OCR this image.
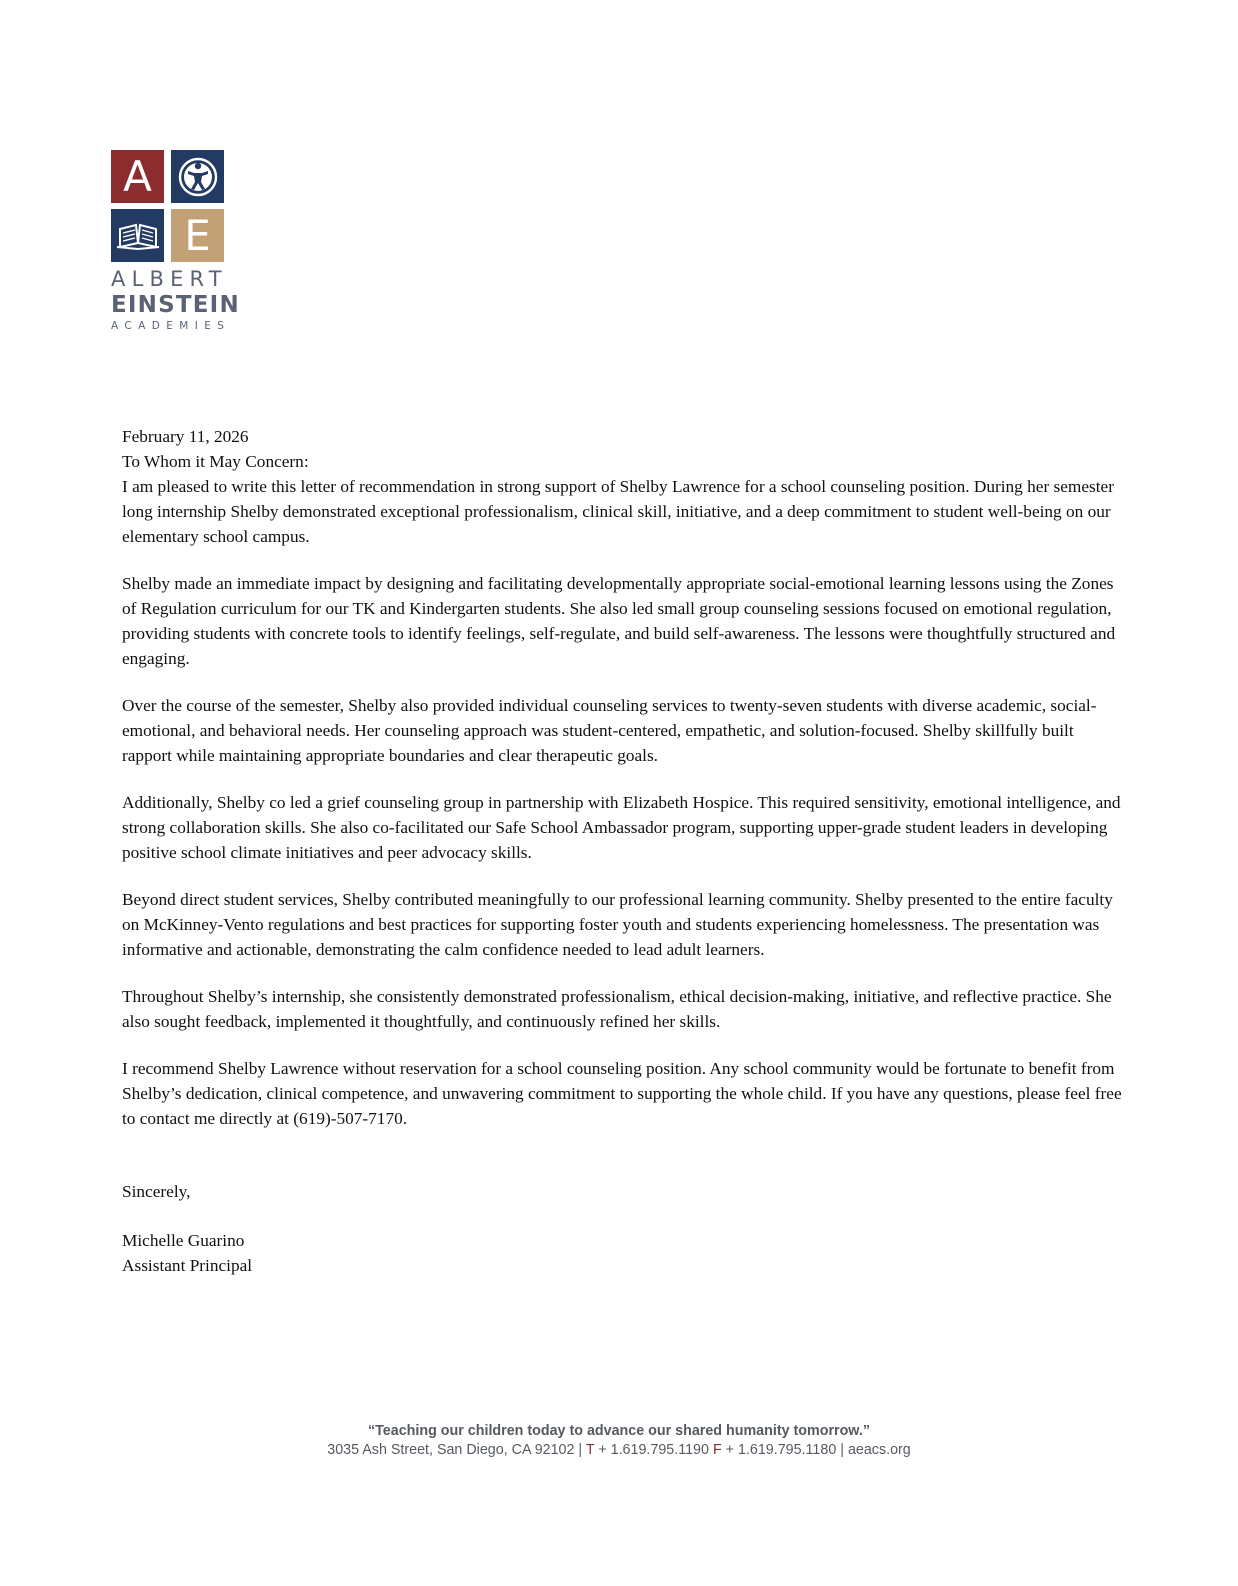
A
E
ALBERT
EINSTEIN
ACADEMIES

February 11, 2026

To Whom it May Concern:

I am pleased to write this letter of recommendation in strong support of Shelby Lawrence for a school counseling position. During her semester long internship Shelby demonstrated exceptional professionalism, clinical skill, initiative, and a deep commitment to student well-being on our elementary school campus.

Shelby made an immediate impact by designing and facilitating developmentally appropriate social-emotional learning lessons using the Zones of Regulation curriculum for our TK and Kindergarten students. She also led small group counseling sessions focused on emotional regulation, providing students with concrete tools to identify feelings, self-regulate, and build self-awareness. The lessons were thoughtfully structured and engaging.

Over the course of the semester, Shelby also provided individual counseling services to twenty-seven students with diverse academic, social-emotional, and behavioral needs. Her counseling approach was student-centered, empathetic, and solution-focused. Shelby skillfully built rapport while maintaining appropriate boundaries and clear therapeutic goals.

Additionally, Shelby co led a grief counseling group in partnership with Elizabeth Hospice. This required sensitivity, emotional intelligence, and strong collaboration skills. She also co-facilitated our Safe School Ambassador program, supporting upper-grade student leaders in developing positive school climate initiatives and peer advocacy skills.

Beyond direct student services, Shelby contributed meaningfully to our professional learning community. Shelby presented to the entire faculty on McKinney-Vento regulations and best practices for supporting foster youth and students experiencing homelessness. The presentation was informative and actionable, demonstrating the calm confidence needed to lead adult learners.

Throughout Shelby’s internship, she consistently demonstrated professionalism, ethical decision-making, initiative, and reflective practice. She also sought feedback, implemented it thoughtfully, and continuously refined her skills.

I recommend Shelby Lawrence without reservation for a school counseling position. Any school community would be fortunate to benefit from Shelby’s dedication, clinical competence, and unwavering commitment to supporting the whole child. If you have any questions, please feel free to contact me directly at (619)-507-7170.

Sincerely,

Michelle Guarino

Assistant Principal

“Teaching our children today to advance our shared humanity tomorrow.”
3035 Ash Street, San Diego, CA 92102 | T + 1.619.795.1190 F + 1.619.795.1180 | aeacs.org
